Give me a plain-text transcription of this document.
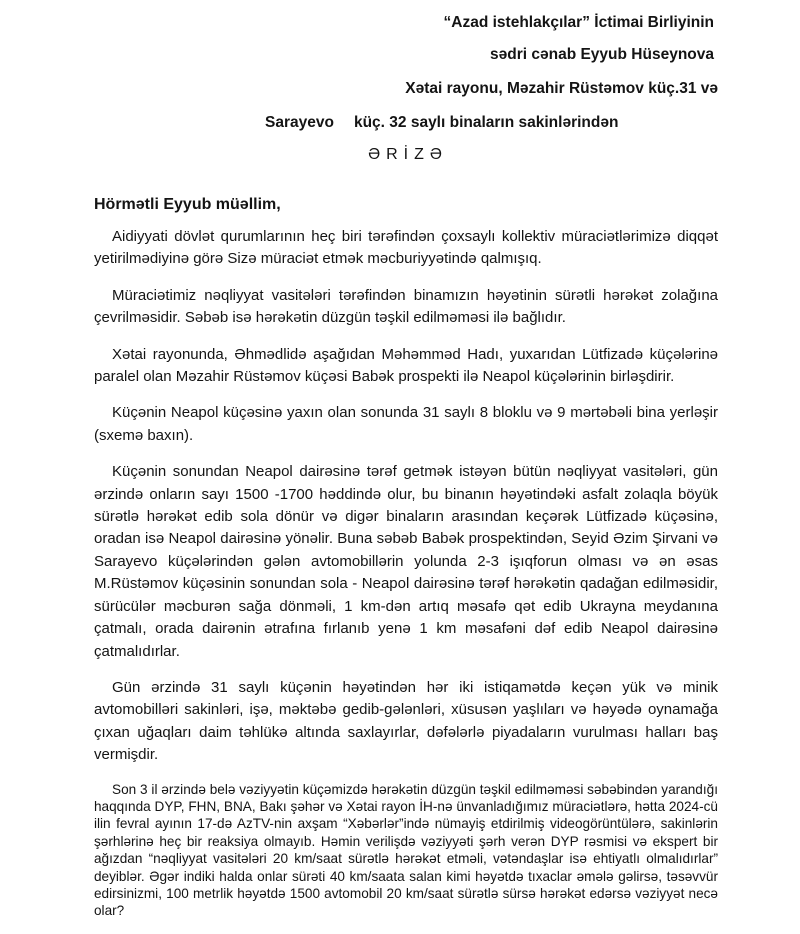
“Azad istehlakçılar” İctimai Birliyinin
sədri cənab Eyyub Hüseynova
Xətai rayonu, Məzahir Rüstəmov küç.31 və
Sarayevo küç. 32 saylı binaların sakinlərindən
ƏRİZƏ
Hörmətli Eyyub müəllim,

Aidiyyati dövlət qurumlarının heç biri tərəfindən çoxsaylı kollektiv müraciətlərimizə diqqət yetirilmədiyinə görə Sizə müraciət etmək məcburiyyətində qalmışıq.

Müraciətimiz nəqliyyat vasitələri tərəfindən binamızın həyətinin sürətli hərəkət zolağına çevrilməsidir. Səbəb isə hərəkətin düzgün təşkil edilməməsi ilə bağlıdır.

Xətai rayonunda, Əhmədlidə aşağıdan Məhəmməd Hadı, yuxarıdan Lütfizadə küçələrinə paralel olan Məzahir Rüstəmov küçəsi Babək prospekti ilə Neapol küçələrinin birləşdirir.

Küçənin Neapol küçəsinə yaxın olan sonunda 31 saylı 8 bloklu və 9 mərtəbəli bina yerləşir (sxemə baxın).

Küçənin sonundan Neapol dairəsinə tərəf getmək istəyən bütün nəqliyyat vasitələri, gün ərzində onların sayı 1500 -1700 həddində olur, bu binanın həyətindəki asfalt zolaqla böyük sürətlə hərəkət edib sola dönür və digər binaların arasından keçərək Lütfizadə küçəsinə, oradan isə Neapol dairəsinə yönəlir. Buna səbəb Babək prospektindən, Seyid Əzim Şirvani və Sarayevo küçələrindən gələn avtomobillərin yolunda 2-3 işıqforun olması və ən əsas M.Rüstəmov küçəsinin sonundan sola - Neapol dairəsinə tərəf hərəkətin qadağan edilməsidir, sürücülər məcburən sağa dönməli, 1 km-dən artıq məsafə qət edib Ukrayna meydanına çatmalı, orada dairənin ətrafına fırlanıb yenə 1 km məsafəni dəf edib Neapol dairəsinə çatmalıdırlar.

Gün ərzində 31 saylı küçənin həyətindən hər iki istiqamətdə keçən yük və minik avtomobilləri sakinləri, işə, məktəbə gedib-gələnləri, xüsusən yaşlıları və həyədə oynamağa çıxan uğaqları daim təhlükə altında saxlayırlar, dəfələrlə piyadaların vurulması halları baş vermişdir.

Son 3 il ərzində belə vəziyyətin küçəmizdə hərəkətin düzgün təşkil edilməməsi səbəbindən yarandığı haqqında DYP, FHN, BNA, Bakı şəhər və Xətai rayon İH-nə ünvanladığımız müraciətlərə, hətta 2024-cü ilin fevral ayının 17-də AzTV-nin axşam “Xəbərlər”ində nümayiş etdirilmiş videogörüntülərə, sakinlərin şərhlərinə heç bir reaksiya olmayıb. Həmin verilişdə vəziyyəti şərh verən DYP rəsmisi və ekspert bir ağızdan “nəqliyyat vasitələri 20 km/saat sürətlə hərəkət etməli, vətəndaşlar isə ehtiyatlı olmalıdırlar” deyiblər. Əgər indiki halda onlar sürəti 40 km/saata salan kimi həyətdə tıxaclar əmələ gəlirsə, təsəvvür edirsinizmi, 100 metrlik həyətdə 1500 avtomobil 20 km/saat sürətlə sürsə hərəkət edərsə vəziyyət necə olar?
